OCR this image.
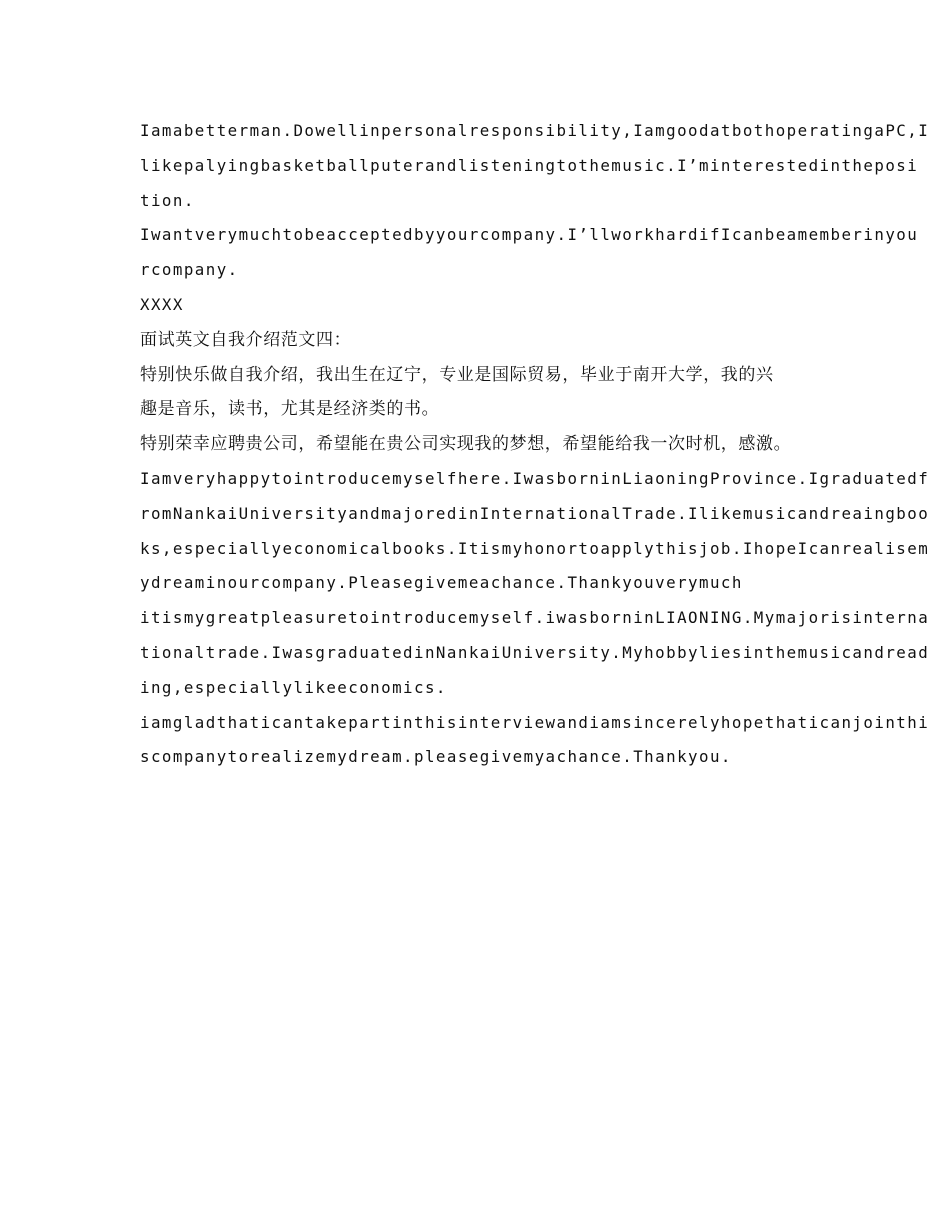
Iamabetterman.Dowellinpersonalresponsibility,IamgoodatbothoperatingaPC,I
likepalyingbasketballputerandlisteningtothemusic.I’minterestedintheposi
tion.
Iwantverymuchtobeacceptedbyyourcompany.I’llworkhardifIcanbeamemberinyou
rcompany.
XXXX
面试英文自我介绍范文四：
特别快乐做自我介绍，我出生在辽宁，专业是国际贸易，毕业于南开大学，我的兴
趣是音乐，读书，尤其是经济类的书。
特别荣幸应聘贵公司，希望能在贵公司实现我的梦想，希望能给我一次时机，感激。
Iamveryhappytointroducemyselfhere.IwasborninLiaoningProvince.Igraduatedf
romNankaiUniversityandmajoredinInternationalTrade.Ilikemusicandreaingboo
ks,especiallyeconomicalbooks.Itismyhonortoapplythisjob.IhopeIcanrealisem
ydreaminourcompany.Pleasegivemeachance.Thankyouverymuch
itismygreatpleasuretointroducemyself.iwasborninLIAONING.Mymajorisinterna
tionaltrade.IwasgraduatedinNankaiUniversity.Myhobbyliesinthemusicandread
ing,especiallylikeeconomics.
iamgladthaticantakepartinthisinterviewandiamsincerelyhopethaticanjointhi
scompanytorealizemydream.pleasegivemyachance.Thankyou.
